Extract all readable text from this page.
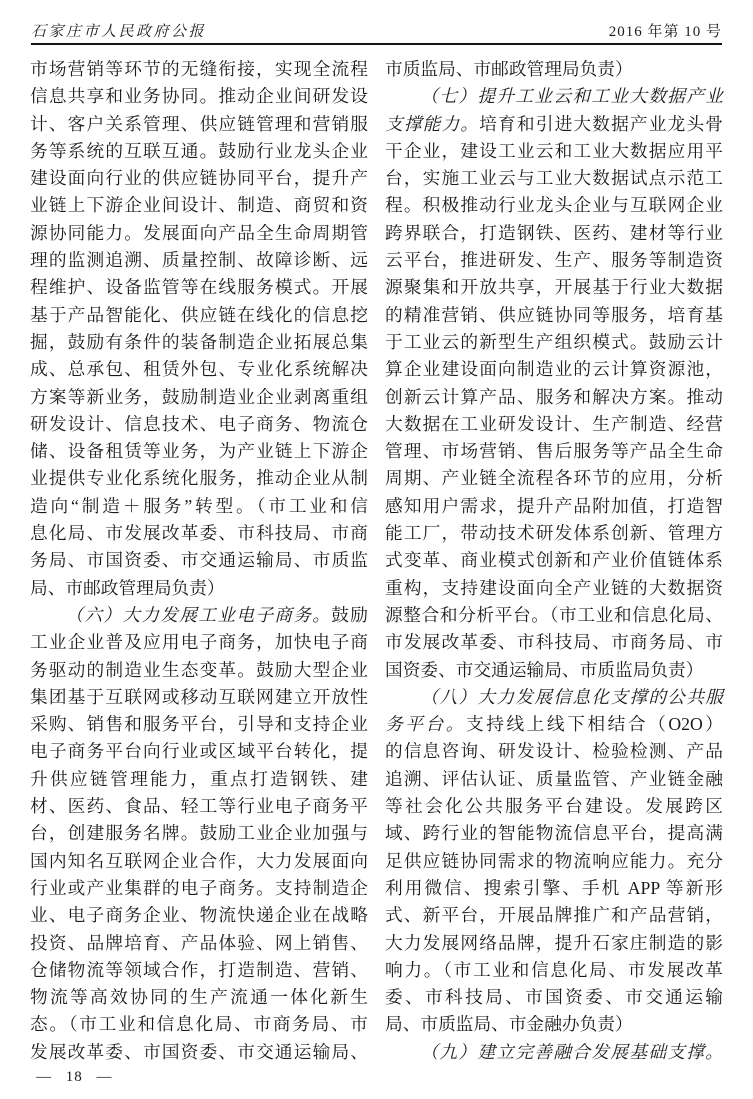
石家庄市人民政府公报	2016 年第 10 号
市场营销等环节的无缝衔接，实现全流程
信息共享和业务协同。推动企业间研发设
计、客户关系管理、供应链管理和营销服
务等系统的互联互通。鼓励行业龙头企业
建设面向行业的供应链协同平台，提升产
业链上下游企业间设计、制造、商贸和资
源协同能力。发展面向产品全生命周期管
理的监测追溯、质量控制、故障诊断、远
程维护、设备监管等在线服务模式。开展
基于产品智能化、供应链在线化的信息挖
掘，鼓励有条件的装备制造企业拓展总集
成、总承包、租赁外包、专业化系统解决
方案等新业务，鼓励制造业企业剥离重组
研发设计、信息技术、电子商务、物流仓
储、设备租赁等业务，为产业链上下游企
业提供专业化系统化服务，推动企业从制
造向“制造＋服务”转型。（市工业和信
息化局、市发展改革委、市科技局、市商
务局、市国资委、市交通运输局、市质监
局、市邮政管理局负责）
（六）大力发展工业电子商务。鼓励
工业企业普及应用电子商务，加快电子商
务驱动的制造业生态变革。鼓励大型企业
集团基于互联网或移动互联网建立开放性
采购、销售和服务平台，引导和支持企业
电子商务平台向行业或区域平台转化，提
升供应链管理能力，重点打造钢铁、建
材、医药、食品、轻工等行业电子商务平
台，创建服务名牌。鼓励工业企业加强与
国内知名互联网企业合作，大力发展面向
行业或产业集群的电子商务。支持制造企
业、电子商务企业、物流快递企业在战略
投资、品牌培育、产品体验、网上销售、
仓储物流等领域合作，打造制造、营销、
物流等高效协同的生产流通一体化新生
态。（市工业和信息化局、市商务局、市
发展改革委、市国资委、市交通运输局、
市质监局、市邮政管理局负责）
（七）提升工业云和工业大数据产业
支撑能力。培育和引进大数据产业龙头骨
干企业，建设工业云和工业大数据应用平
台，实施工业云与工业大数据试点示范工
程。积极推动行业龙头企业与互联网企业
跨界联合，打造钢铁、医药、建材等行业
云平台，推进研发、生产、服务等制造资
源聚集和开放共享，开展基于行业大数据
的精准营销、供应链协同等服务，培育基
于工业云的新型生产组织模式。鼓励云计
算企业建设面向制造业的云计算资源池，
创新云计算产品、服务和解决方案。推动
大数据在工业研发设计、生产制造、经营
管理、市场营销、售后服务等产品全生命
周期、产业链全流程各环节的应用，分析
感知用户需求，提升产品附加值，打造智
能工厂，带动技术研发体系创新、管理方
式变革、商业模式创新和产业价值链体系
重构，支持建设面向全产业链的大数据资
源整合和分析平台。（市工业和信息化局、
市发展改革委、市科技局、市商务局、市
国资委、市交通运输局、市质监局负责）
（八）大力发展信息化支撑的公共服
务平台。支持线上线下相结合（O2O）
的信息咨询、研发设计、检验检测、产品
追溯、评估认证、质量监管、产业链金融
等社会化公共服务平台建设。发展跨区
域、跨行业的智能物流信息平台，提高满
足供应链协同需求的物流响应能力。充分
利用微信、搜索引擎、手机 APP 等新形
式、新平台，开展品牌推广和产品营销，
大力发展网络品牌，提升石家庄制造的影
响力。（市工业和信息化局、市发展改革
委、市科技局、市国资委、市交通运输
局、市质监局、市金融办负责）
（九）建立完善融合发展基础支撑。
— 18 —
